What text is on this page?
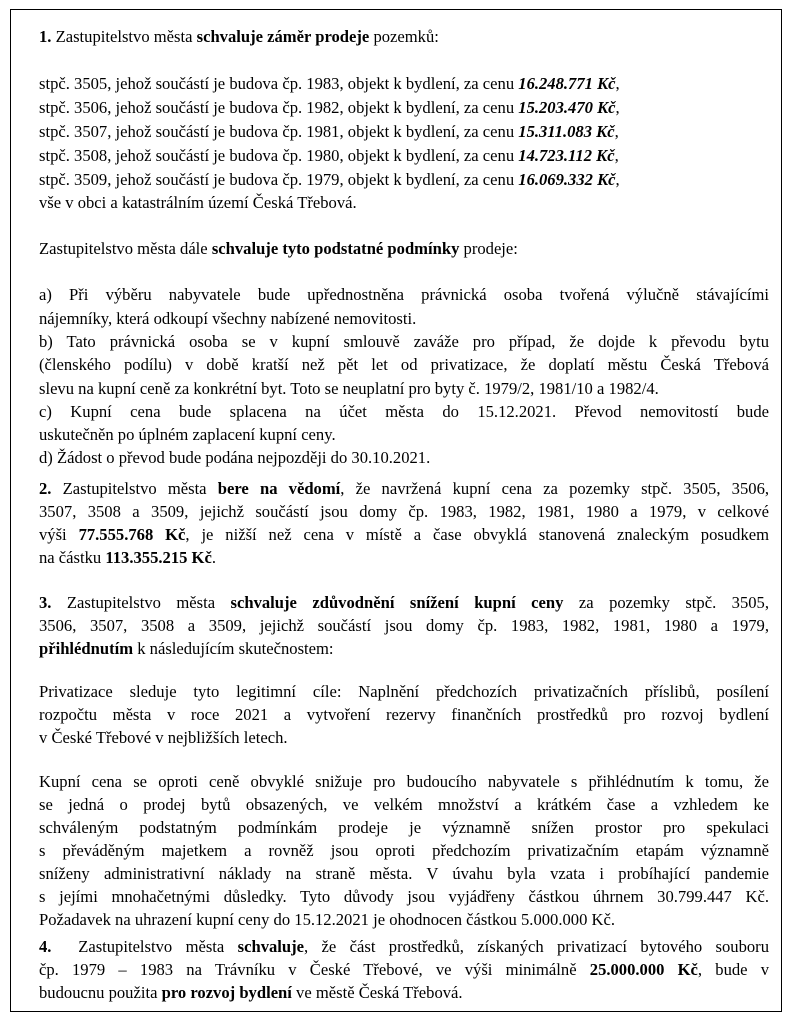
1. Zastupitelstvo města schvaluje záměr prodeje pozemků:
stpč. 3505, jehož součástí je budova čp. 1983, objekt k bydlení, za cenu 16.248.771 Kč,
stpč. 3506, jehož součástí je budova čp. 1982, objekt k bydlení, za cenu 15.203.470 Kč,
stpč. 3507, jehož součástí je budova čp. 1981, objekt k bydlení, za cenu 15.311.083 Kč,
stpč. 3508, jehož součástí je budova čp. 1980, objekt k bydlení, za cenu 14.723.112 Kč,
stpč. 3509, jehož součástí je budova čp. 1979, objekt k bydlení, za cenu 16.069.332 Kč,
vše v obci a katastrálním území Česká Třebová.
Zastupitelstvo města dále schvaluje tyto podstatné podmínky prodeje:
a) Při výběru nabyvatele bude upřednostněna právnická osoba tvořená výlučně stávajícími
nájemníky, která odkoupí všechny nabízené nemovitosti.
b) Tato právnická osoba se v kupní smlouvě zaváže pro případ, že dojde k převodu bytu
(členského podílu) v době kratší než pět let od privatizace, že doplatí městu Česká Třebová
slevu na kupní ceně za konkrétní byt. Toto se neuplatní pro byty č. 1979/2, 1981/10 a 1982/4.
c) Kupní cena bude splacena na účet města do 15.12.2021. Převod nemovitostí bude
uskutečněn po úplném zaplacení kupní ceny.
d) Žádost o převod bude podána nejpozději do 30.10.2021.
2. Zastupitelstvo města bere na vědomí, že navržená kupní cena za pozemky stpč. 3505, 3506,
3507, 3508 a 3509, jejichž součástí jsou domy čp. 1983, 1982, 1981, 1980 a 1979, v celkové
výši 77.555.768 Kč, je nižší než cena v místě a čase obvyklá stanovená znaleckým posudkem
na částku 113.355.215 Kč.
3. Zastupitelstvo města schvaluje zdůvodnění snížení kupní ceny za pozemky stpč. 3505,
3506, 3507, 3508 a 3509, jejichž součástí jsou domy čp. 1983, 1982, 1981, 1980 a 1979,
přihlédnutím k následujícím skutečnostem:
Privatizace sleduje tyto legitimní cíle: Naplnění předchozích privatizačních příslibů, posílení
rozpočtu města v roce 2021 a vytvoření rezervy finančních prostředků pro rozvoj bydlení
v České Třebové v nejbližších letech.
Kupní cena se oproti ceně obvyklé snižuje pro budoucího nabyvatele s přihlédnutím k tomu, že
se jedná o prodej bytů obsazených, ve velkém množství a krátkém čase a vzhledem ke
schváleným podstatným podmínkám prodeje je významně snížen prostor pro spekulaci
s převáděným majetkem a rovněž jsou oproti předchozím privatizačním etapám významně
sníženy administrativní náklady na straně města. V úvahu byla vzata i probíhající pandemie
s jejími mnohačetnými důsledky. Tyto důvody jsou vyjádřeny částkou úhrnem 30.799.447 Kč.
Požadavek na uhrazení kupní ceny do 15.12.2021 je ohodnocen částkou 5.000.000 Kč.
4.  Zastupitelstvo města schvaluje, že část prostředků, získaných privatizací bytového souboru
čp. 1979 – 1983 na Trávníku v České Třebové, ve výši minimálně 25.000.000 Kč, bude v
budoucnu použita pro rozvoj bydlení ve městě Česká Třebová.
